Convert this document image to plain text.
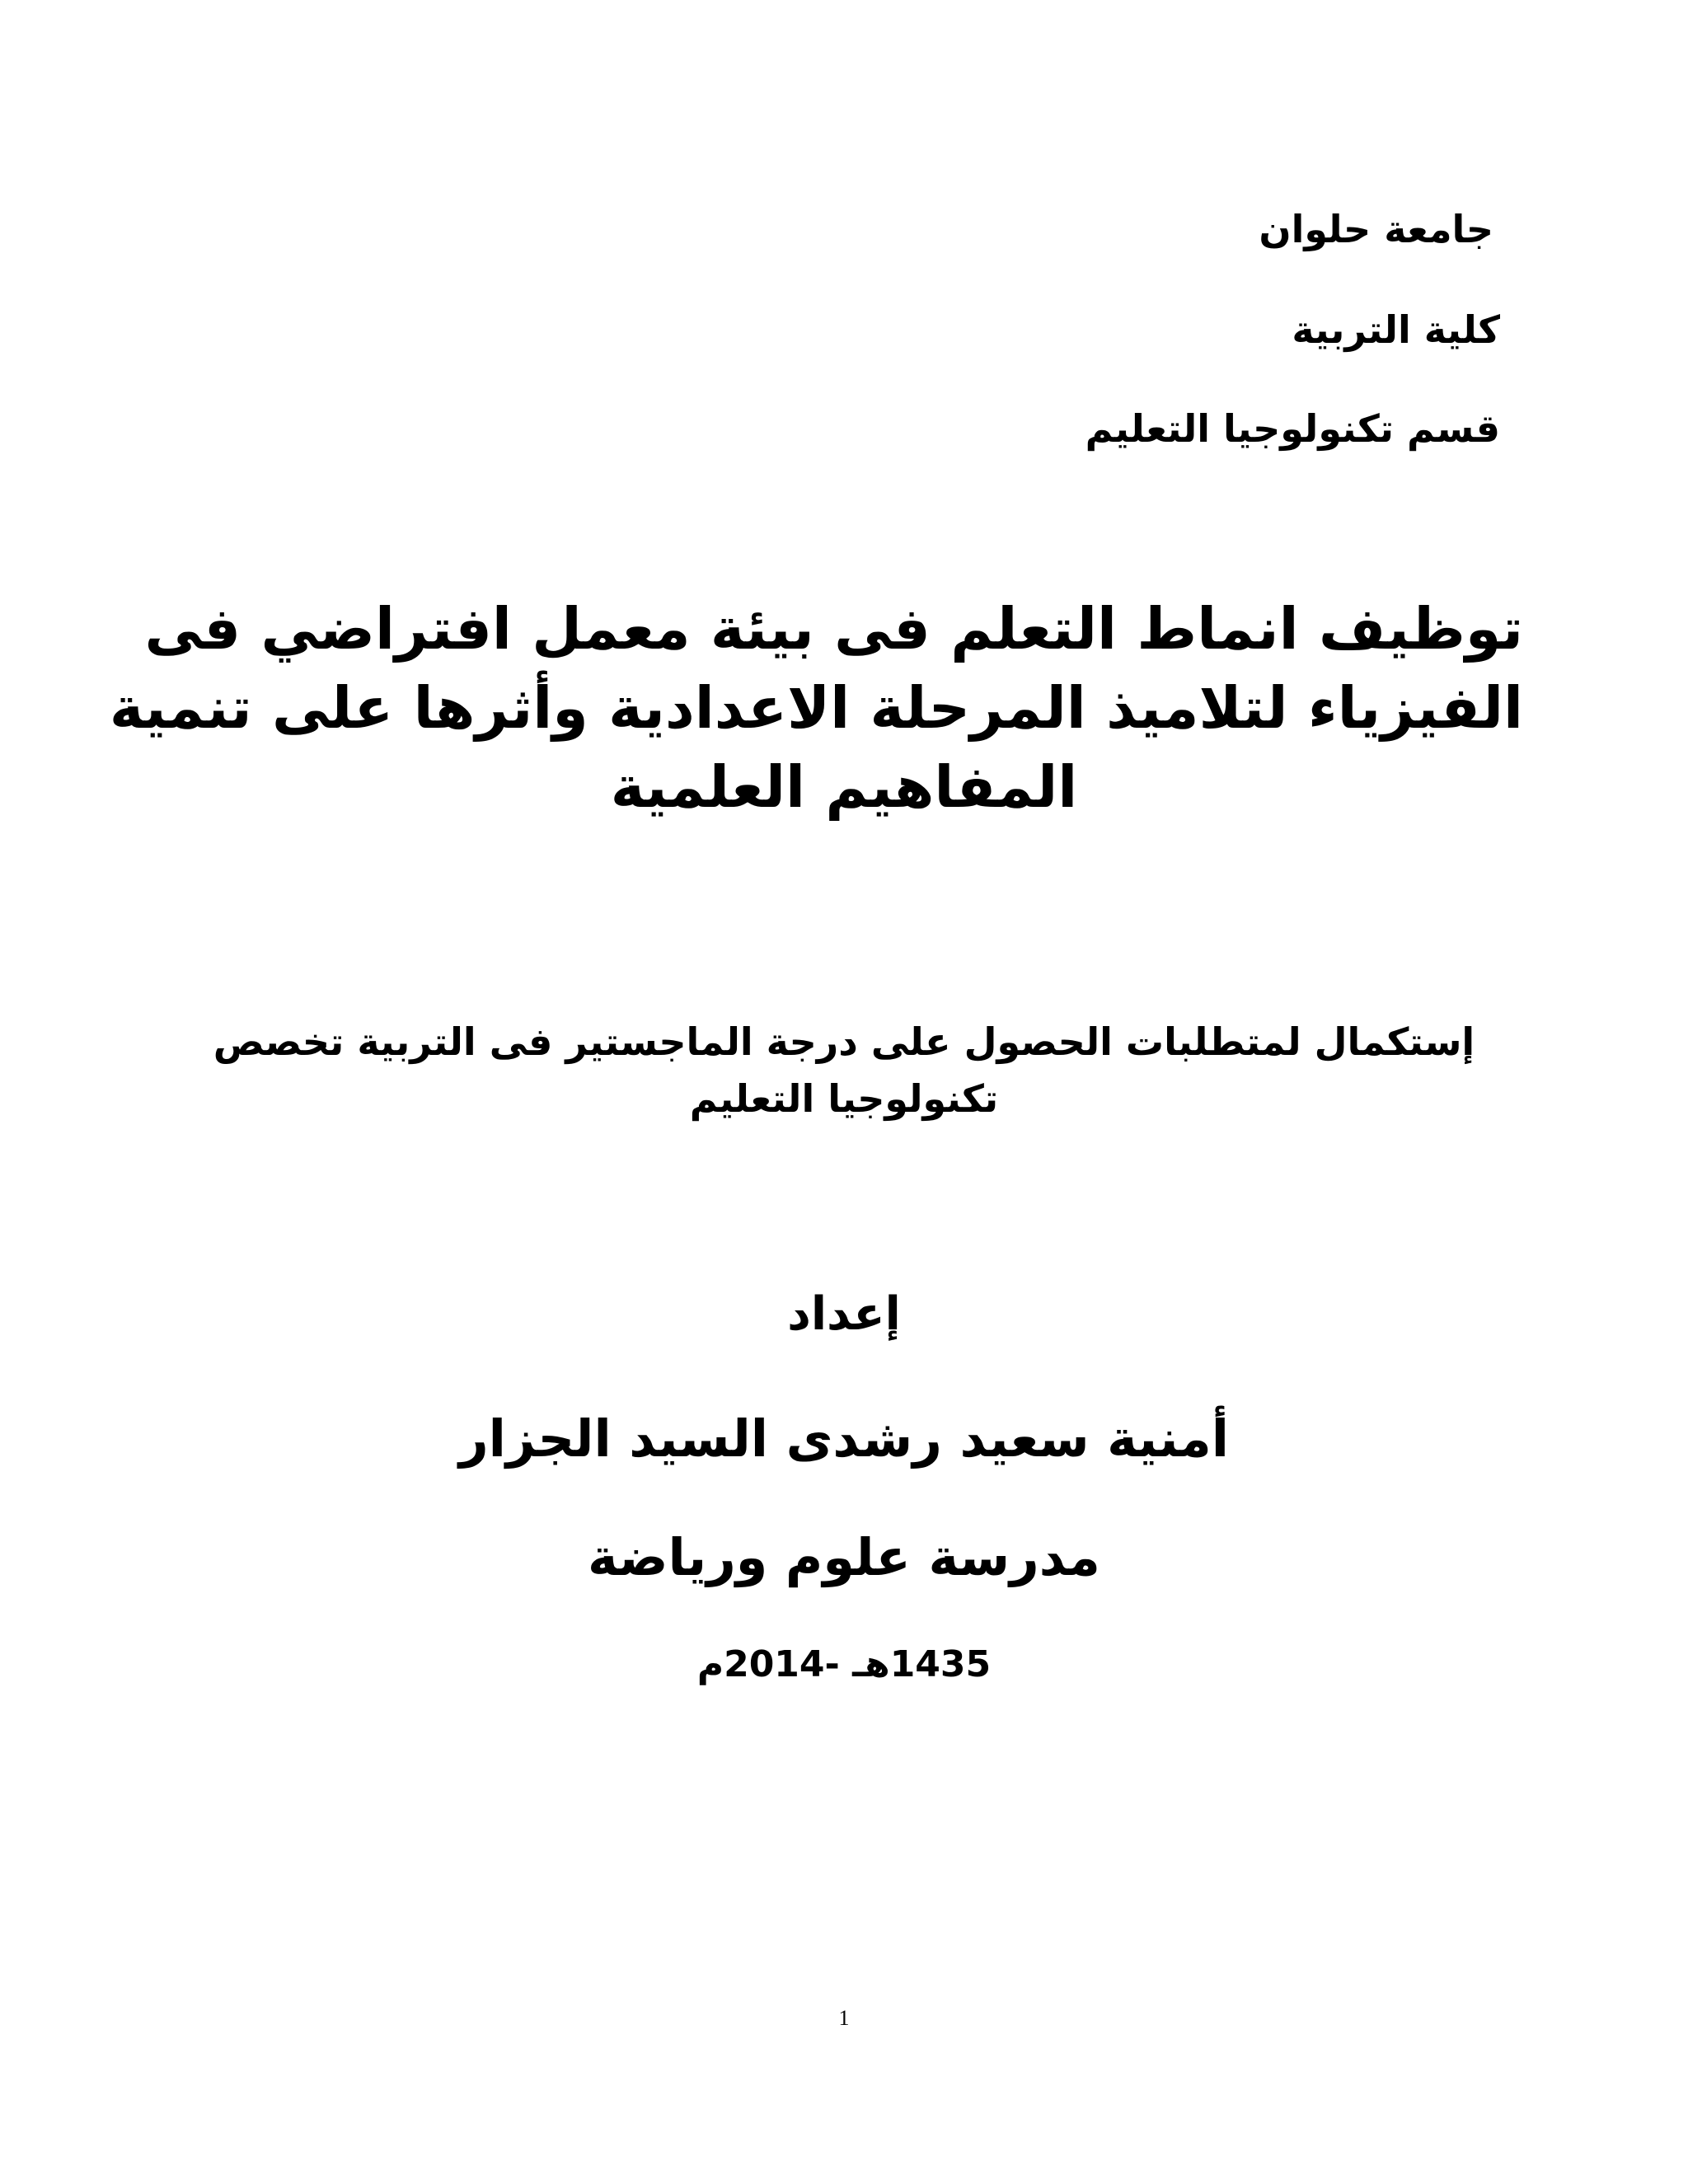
جامعة حلوان
كلية التربية
قسم تكنولوجيا التعليم
توظيف انماط التعلم فى بيئة معمل افتراضي فى
الفيزياء لتلاميذ المرحلة الاعدادية وأثرها على تنمية
المفاهيم العلمية
إستكمال لمتطلبات الحصول على درجة الماجستير فى التربية تخصص
تكنولوجيا التعليم
إعداد
أمنية سعيد رشدى السيد الجزار
مدرسة علوم ورياضة
1435هـ -2014م
1
